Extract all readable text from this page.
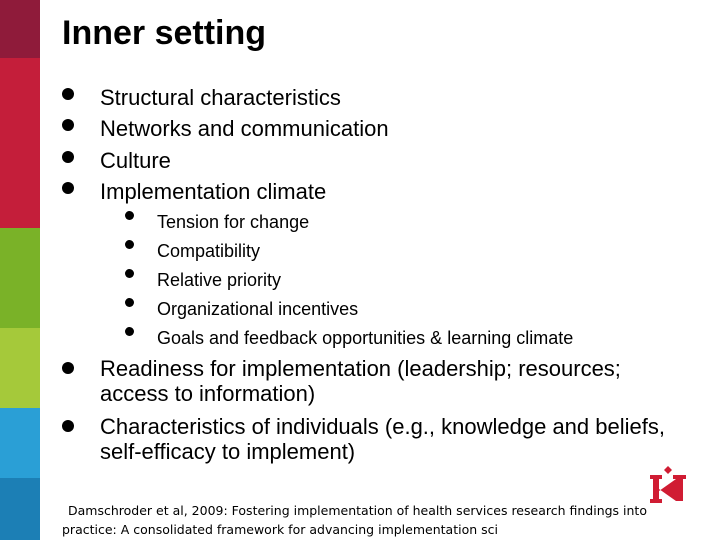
Inner setting
Structural characteristics
Networks and communication
Culture
Implementation climate
Tension for change
Compatibility
Relative priority
Organizational incentives
Goals and feedback opportunities & learning climate
Readiness for implementation (leadership; resources; access to information)
Characteristics of individuals (e.g., knowledge and beliefs, self-efficacy to implement)
Damschroder et al, 2009: Fostering implementation of health services research findings into practice: A consolidated framework for advancing implementation sci
